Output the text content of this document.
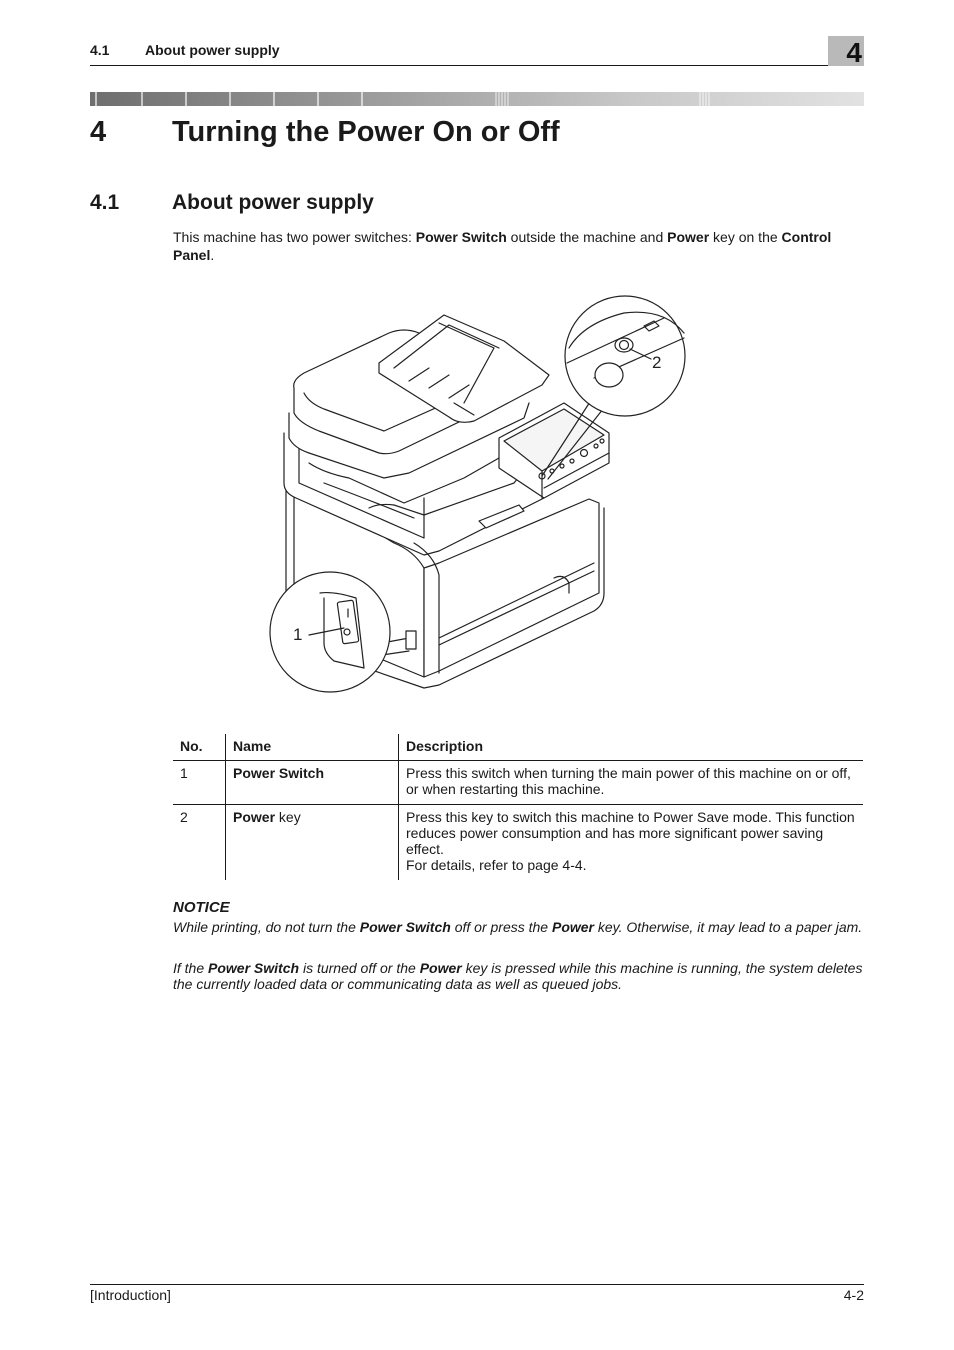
4.1	About power supply	4
4 Turning the Power On or Off
4.1	About power supply
This machine has two power switches: Power Switch outside the machine and Power key on the Control Panel.
2
1
No.	Name	Description
1	Power Switch	Press this switch when turning the main power of this machine on or off, or when restarting this machine.
2	Power key	Press this key to switch this machine to Power Save mode. This function reduces power consumption and has more significant power saving effect.
For details, refer to page 4-4.
NOTICE
While printing, do not turn the Power Switch off or press the Power key. Otherwise, it may lead to a paper jam.
If the Power Switch is turned off or the Power key is pressed while this machine is running, the system deletes the currently loaded data or communicating data as well as queued jobs.
[Introduction]	4-2
